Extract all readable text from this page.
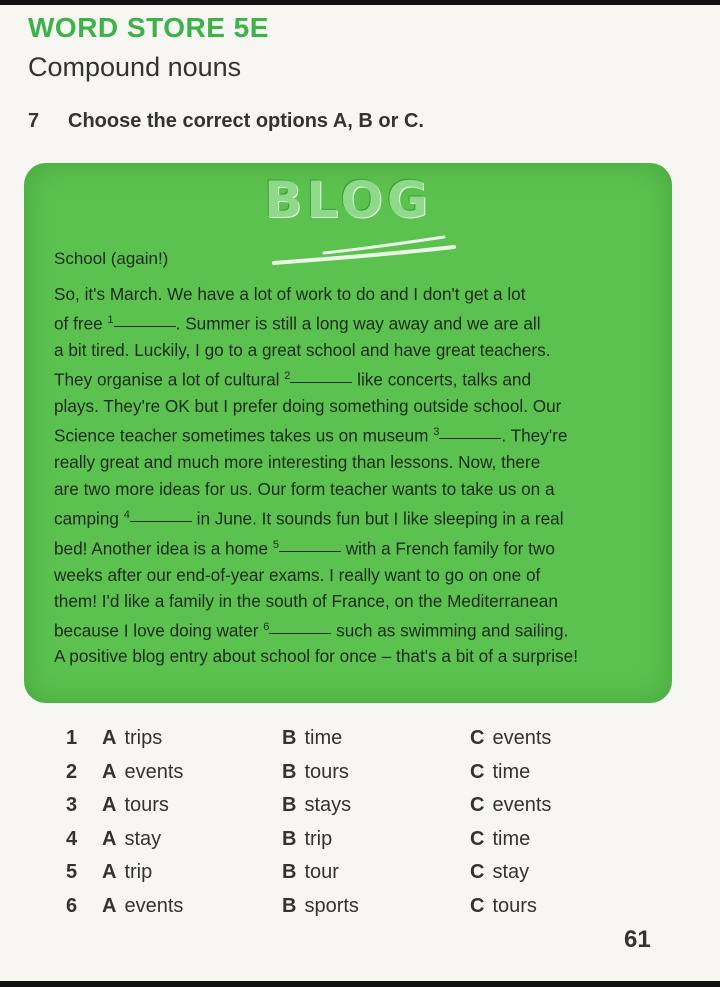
WORD STORE 5E
Compound nouns
7 Choose the correct options A, B or C.
BLOG
School (again!)
So, it's March. We have a lot of work to do and I don't get a lot
of free $^1$	. Summer is still a long way away and we are all
a bit tired. Luckily, I go to a great school and have great teachers.
They organise a lot of cultural $^2$	like concerts, talks and
plays. They're OK but I prefer doing something outside school. Our
Science teacher sometimes takes us on museum $^3$	. They're
really great and much more interesting than lessons. Now, there
are two more ideas for us. Our form teacher wants to take us on a
camping $^4$	in June. It sounds fun but I like sleeping in a real
bed! Another idea is a home $^5$	with a French family for two
weeks after our end-of-year exams. I really want to go on one of
them! I'd like a family in the south of France, on the Mediterranean
because I love doing water $^6$	such as swimming and sailing.
A positive blog entry about school for once – that's a bit of a surprise!
1 A trips	B time	C events
2 A events	B tours	C time
3 A tours	B stays	C events
4 A stay	B trip	C time
5 A trip	B tour	C stay
6 A events	B sports	C tours
61
